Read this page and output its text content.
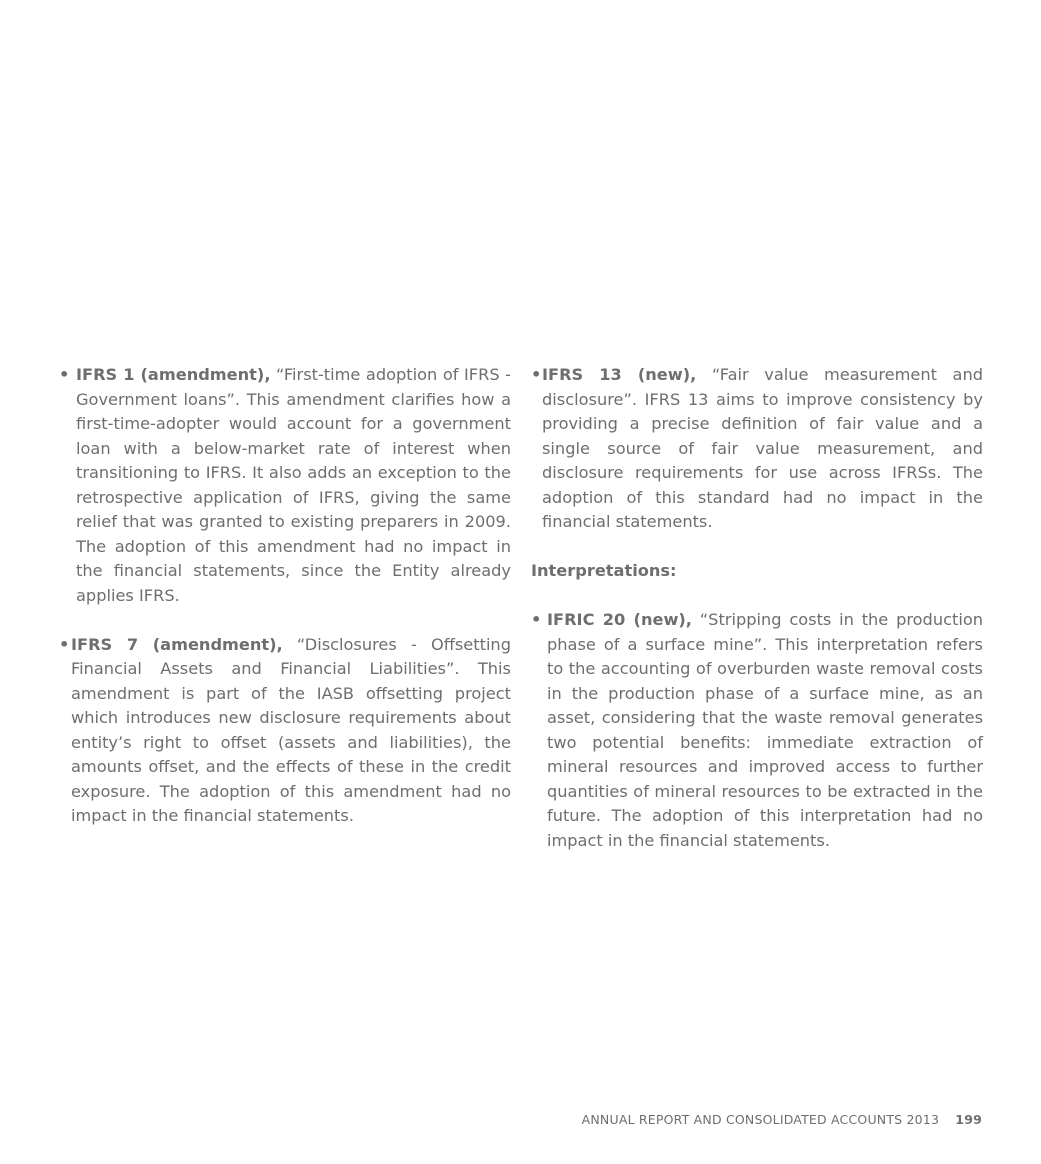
• IFRS 1 (amendment), “First-time adoption of IFRS - Government loans”. This amendment clarifies how a first-time-adopter would account for a government loan with a below-market rate of interest when transitioning to IFRS. It also adds an exception to the retrospective application of IFRS, giving the same relief that was granted to existing preparers in 2009. The adoption of this amendment had no impact in the financial statements, since the Entity already applies IFRS.
• IFRS 7 (amendment), “Disclosures - Offsetting Financial Assets and Financial Liabilities”. This amendment is part of the IASB offsetting project which introduces new disclosure requirements about entity’s right to offset (assets and liabilities), the amounts offset, and the effects of these in the credit exposure. The adoption of this amendment had no impact in the financial statements.
• IFRS 13 (new), “Fair value measurement and disclosure”. IFRS 13 aims to improve consistency by providing a precise definition of fair value and a single source of fair value measurement, and disclosure requirements for use across IFRSs. The adoption of this standard had no impact in the financial statements.
Interpretations:
• IFRIC 20 (new), “Stripping costs in the production phase of a surface mine”. This interpretation refers to the accounting of overburden waste removal costs in the production phase of a surface mine, as an asset, considering that the waste removal generates two potential benefits: immediate extraction of mineral resources and improved access to further quantities of mineral resources to be extracted in the future. The adoption of this interpretation had no impact in the financial statements.
ANNUAL REPORT AND CONSOLIDATED ACCOUNTS 2013 199
